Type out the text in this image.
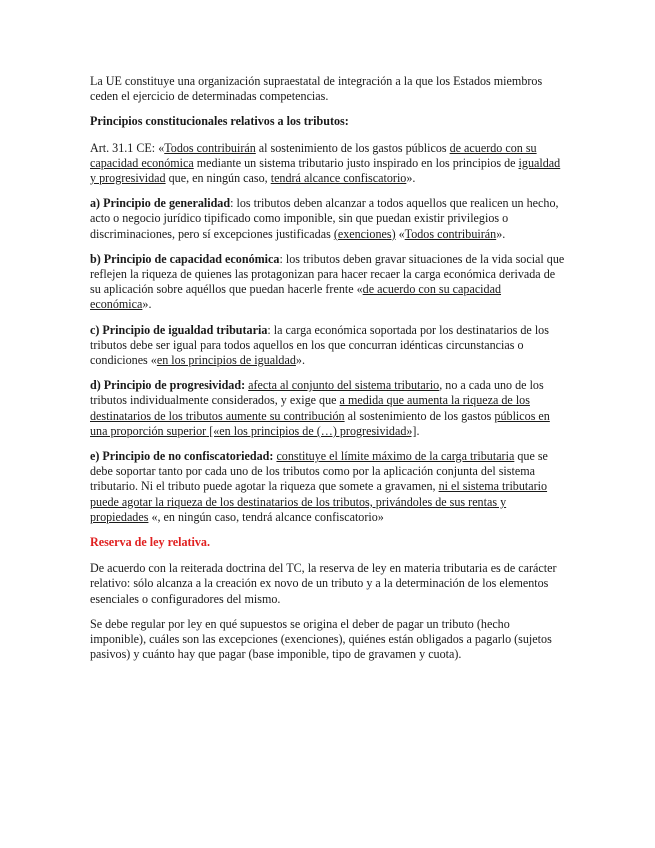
La UE constituye una organización supraestatal de integración a la que los Estados miembros ceden el ejercicio de determinadas competencias.

Principios constitucionales relativos a los tributos:

Art. 31.1 CE: «Todos contribuirán al sostenimiento de los gastos públicos de acuerdo con su capacidad económica mediante un sistema tributario justo inspirado en los principios de igualdad y progresividad que, en ningún caso, tendrá alcance confiscatorio».

a) Principio de generalidad: los tributos deben alcanzar a todos aquellos que realicen un hecho, acto o negocio jurídico tipificado como imponible, sin que puedan existir privilegios o discriminaciones, pero sí excepciones justificadas (exenciones) «Todos contribuirán».

b) Principio de capacidad económica: los tributos deben gravar situaciones de la vida social que reflejen la riqueza de quienes las protagonizan para hacer recaer la carga económica derivada de su aplicación sobre aquéllos que puedan hacerle frente «de acuerdo con su capacidad económica».

c) Principio de igualdad tributaria: la carga económica soportada por los destinatarios de los tributos debe ser igual para todos aquellos en los que concurran idénticas circunstancias o condiciones «en los principios de igualdad».

d) Principio de progresividad: afecta al conjunto del sistema tributario, no a cada uno de los tributos individualmente considerados, y exige que a medida que aumenta la riqueza de los destinatarios de los tributos aumente su contribución al sostenimiento de los gastos públicos en una proporción superior [«en los principios de (…) progresividad»].

e) Principio de no confiscatoriedad: constituye el límite máximo de la carga tributaria que se debe soportar tanto por cada uno de los tributos como por la aplicación conjunta del sistema tributario. Ni el tributo puede agotar la riqueza que somete a gravamen, ni el sistema tributario puede agotar la riqueza de los destinatarios de los tributos, privándoles de sus rentas y propiedades «, en ningún caso, tendrá alcance confiscatorio»

Reserva de ley relativa.

De acuerdo con la reiterada doctrina del TC, la reserva de ley en materia tributaria es de carácter relativo: sólo alcanza a la creación ex novo de un tributo y a la determinación de los elementos esenciales o configuradores del mismo.

Se debe regular por ley en qué supuestos se origina el deber de pagar un tributo (hecho imponible), cuáles son las excepciones (exenciones), quiénes están obligados a pagarlo (sujetos pasivos) y cuánto hay que pagar (base imponible, tipo de gravamen y cuota).
